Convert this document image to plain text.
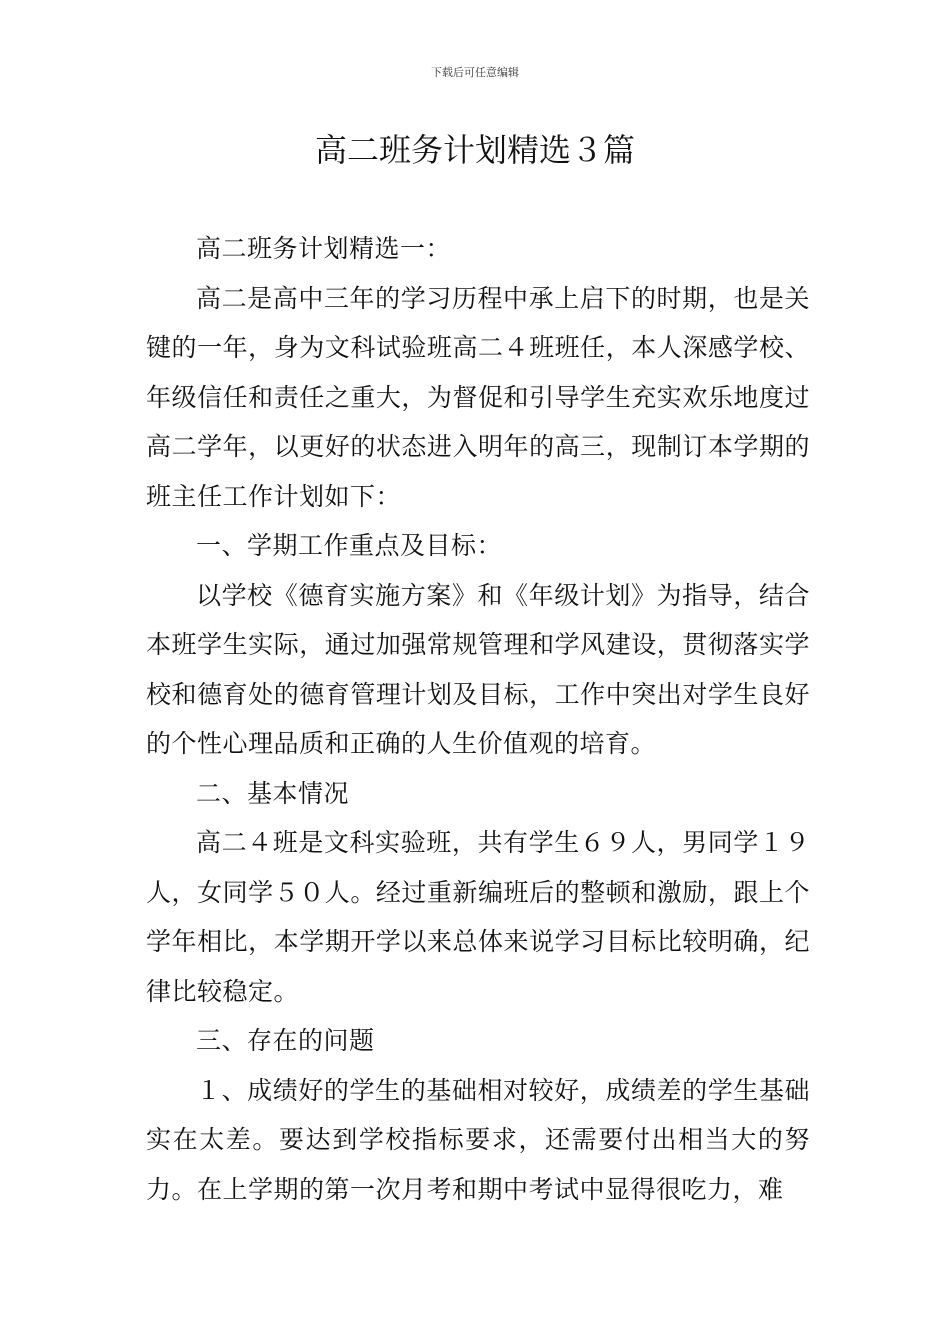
下载后可任意编辑
高二班务计划精选３篇

高二班务计划精选一：

高二是高中三年的学习历程中承上启下的时期，也是关键的一年，身为文科试验班高二４班班任，本人深感学校、年级信任和责任之重大，为督促和引导学生充实欢乐地度过高二学年，以更好的状态进入明年的高三，现制订本学期的班主任工作计划如下：

一、学期工作重点及目标：

以学校《德育实施方案》和《年级计划》为指导，结合本班学生实际，通过加强常规管理和学风建设，贯彻落实学校和德育处的德育管理计划及目标，工作中突出对学生良好的个性心理品质和正确的人生价值观的培育。

二、基本情况

高二４班是文科实验班，共有学生６９人，男同学１９人，女同学５０人。经过重新编班后的整顿和激励，跟上个学年相比，本学期开学以来总体来说学习目标比较明确，纪律比较稳定。

三、存在的问题

１、成绩好的学生的基础相对较好，成绩差的学生基础实在太差。要达到学校指标要求，还需要付出相当大的努力。在上学期的第一次月考和期中考试中显得很吃力，难
